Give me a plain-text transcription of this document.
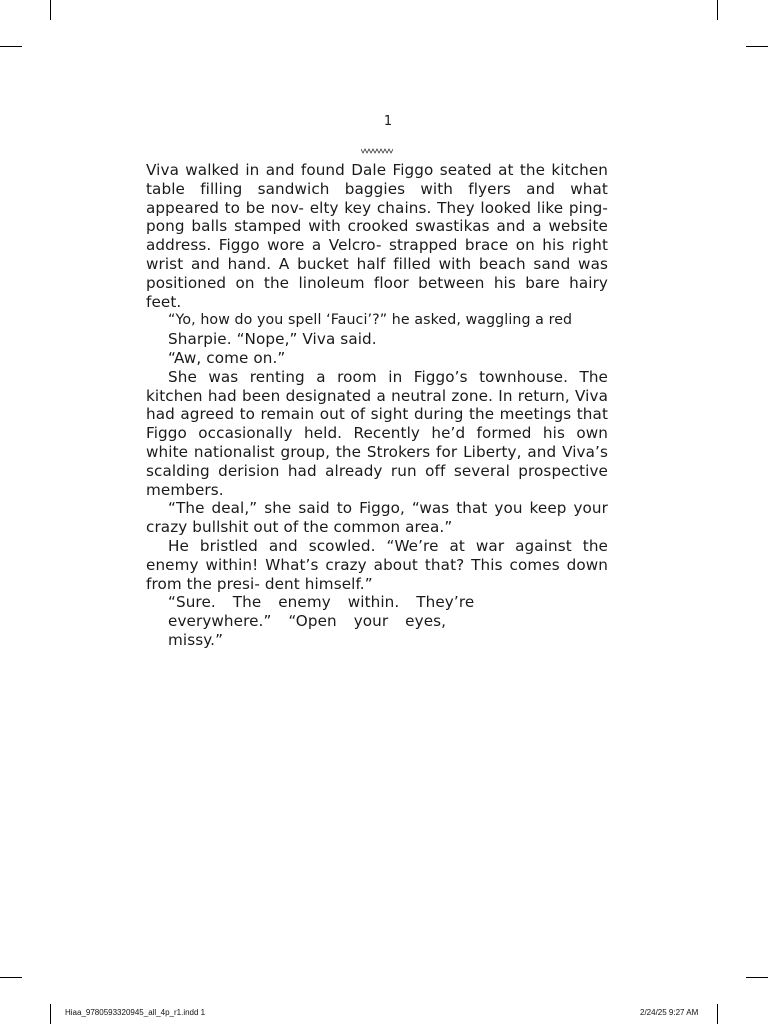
1

Viva walked in and found Dale Figgo seated at the kitchen table filling sandwich baggies with flyers and what appeared to be nov- elty key chains. They looked like ping-pong balls stamped with crooked swastikas and a website address. Figgo wore a Velcro- strapped brace on his right wrist and hand. A bucket half filled with beach sand was positioned on the linoleum floor between his bare hairy feet.

“Yo, how do you spell ‘Fauci’?” he asked, waggling a red

Sharpie. “Nope,” Viva said.

“Aw, come on.”

She was renting a room in Figgo’s townhouse. The kitchen had been designated a neutral zone. In return, Viva had agreed to remain out of sight during the meetings that Figgo occasionally held. Recently he’d formed his own white nationalist group, the Strokers for Liberty, and Viva’s scalding derision had already run off several prospective members.

“The deal,” she said to Figgo, “was that you keep your crazy bullshit out of the common area.”

He bristled and scowled. “We’re at war against the enemy within! What’s crazy about that? This comes down from the presi- dent himself.”

“Sure. The enemy within. They’re everywhere.” “Open your eyes, missy.”

Hiaa_9780593320945_all_4p_r1.indd 1	2/24/25 9:27 AM
